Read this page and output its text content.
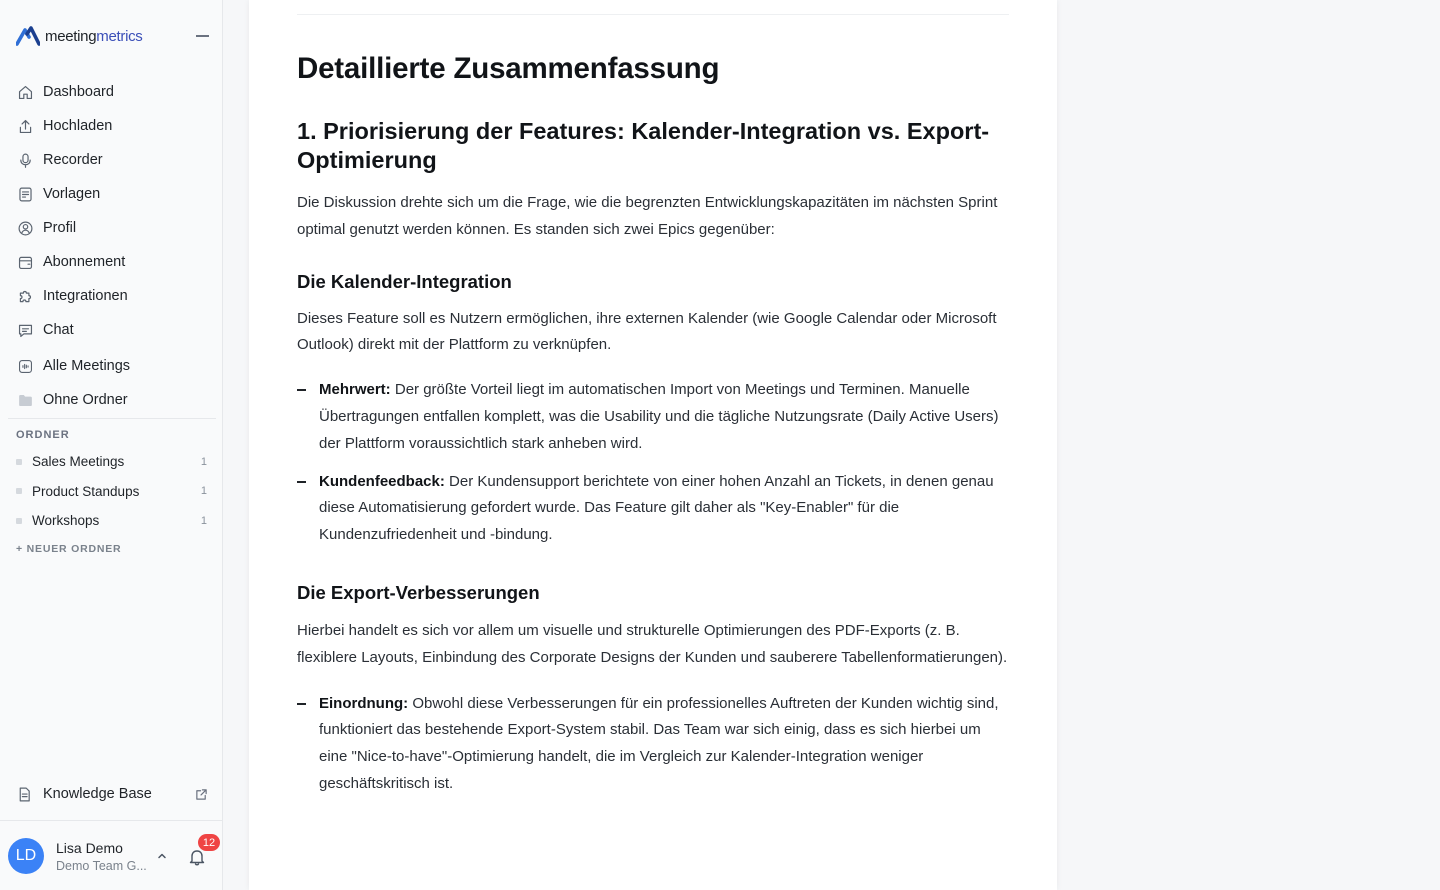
meetingmetrics
Dashboard
Hochladen
Recorder
Vorlagen
Profil
Abonnement
Integrationen
Chat
Alle Meetings
Ohne Ordner
ORDNER
Sales Meetings	1
Product Standups	1
Workshops	1
+ NEUER ORDNER
Knowledge Base
LD	Lisa Demo
Demo Team G...
12
Detaillierte Zusammenfassung
1. Priorisierung der Features: Kalender-Integration vs. Export-Optimierung

Die Diskussion drehte sich um die Frage, wie die begrenzten Entwicklungskapazitäten im nächsten Sprint optimal genutzt werden können. Es standen sich zwei Epics gegenüber:

Die Kalender-Integration

Dieses Feature soll es Nutzern ermöglichen, ihre externen Kalender (wie Google Calendar oder Microsoft Outlook) direkt mit der Plattform zu verknüpfen.

Mehrwert: Der größte Vorteil liegt im automatischen Import von Meetings und Terminen. Manuelle Übertragungen entfallen komplett, was die Usability und die tägliche Nutzungsrate (Daily Active Users) der Plattform voraussichtlich stark anheben wird.
Kundenfeedback: Der Kundensupport berichtete von einer hohen Anzahl an Tickets, in denen genau diese Automatisierung gefordert wurde. Das Feature gilt daher als "Key-Enabler" für die Kundenzufriedenheit und -bindung.
Die Export-Verbesserungen

Hierbei handelt es sich vor allem um visuelle und strukturelle Optimierungen des PDF-Exports (z. B. flexiblere Layouts, Einbindung des Corporate Designs der Kunden und sauberere Tabellenformatierungen).

Einordnung: Obwohl diese Verbesserungen für ein professionelles Auftreten der Kunden wichtig sind, funktioniert das bestehende Export-System stabil. Das Team war sich einig, dass es sich hierbei um eine "Nice-to-have"-Optimierung handelt, die im Vergleich zur Kalender-Integration weniger geschäftskritisch ist.
